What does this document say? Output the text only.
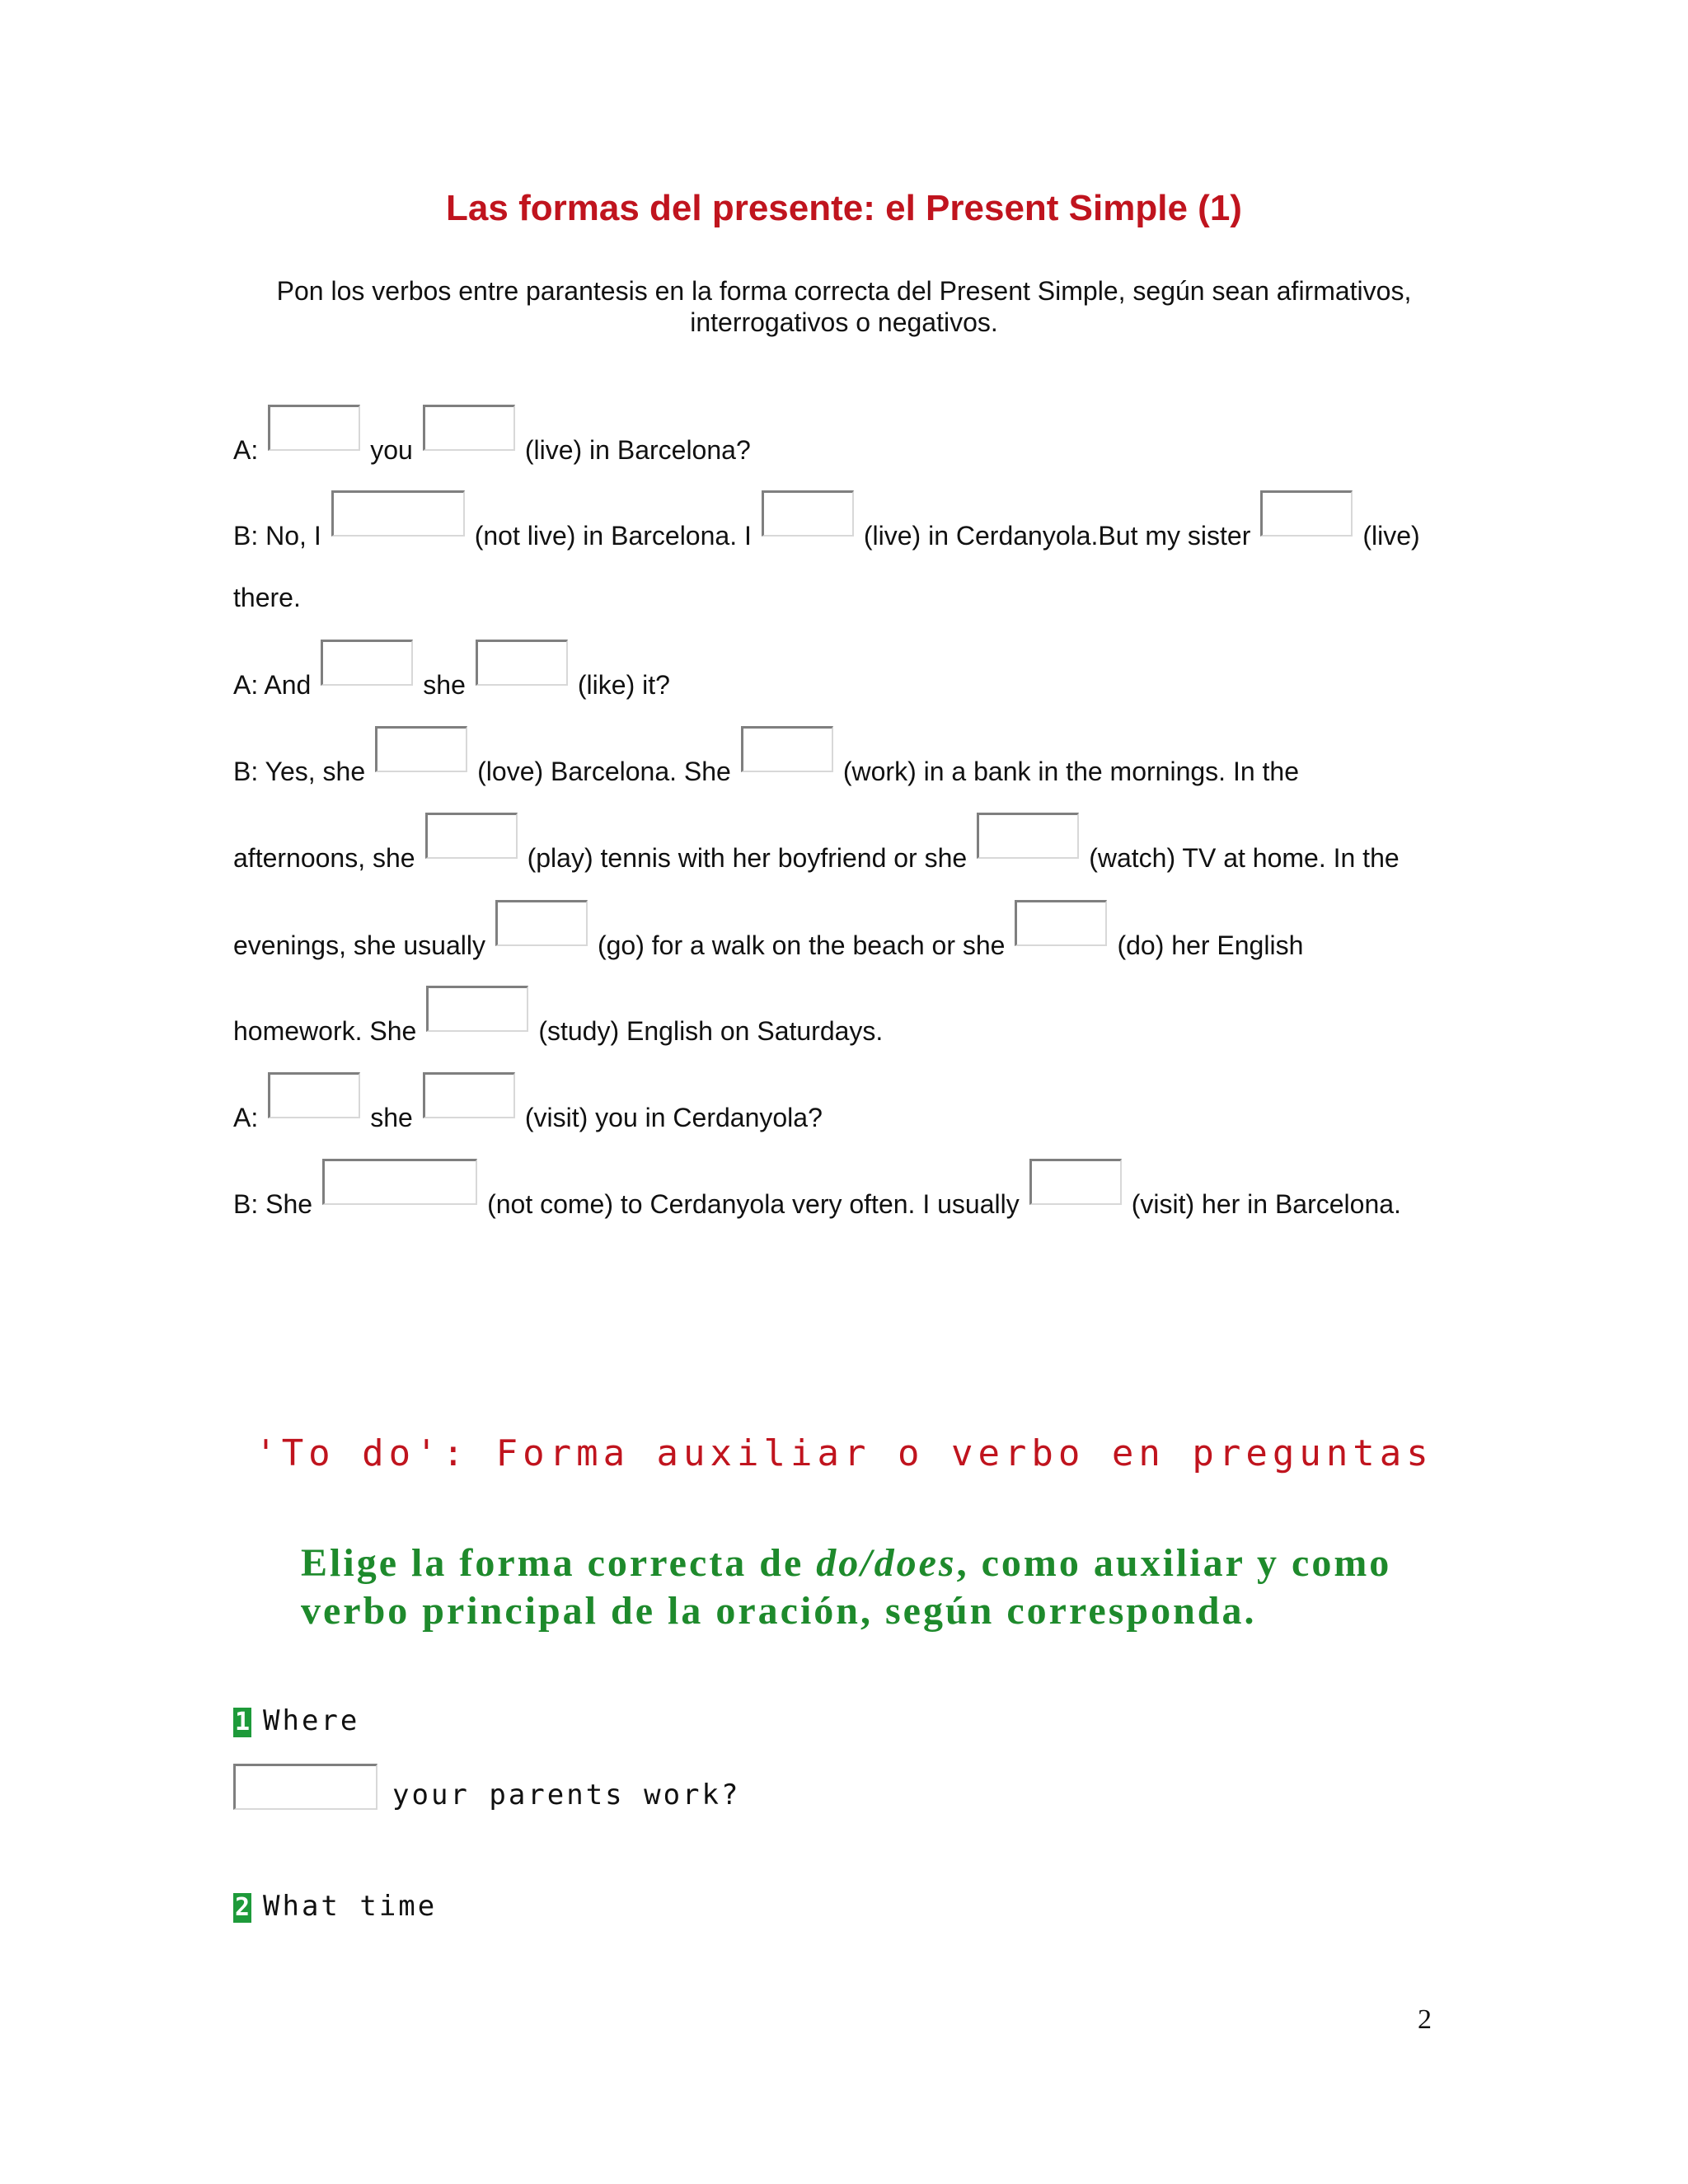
Las formas del presente: el Present Simple (1)
Pon los verbos entre parantesis en la forma correcta del Present Simple, según sean afirmativos, interrogativos o negativos.
A:	you	(live) in Barcelona?
B: No, I	(not live) in Barcelona. I	(live) in Cerdanyola.But my sister	(live)
there.
A: And	she	(like) it?
B: Yes, she	(love) Barcelona. She	(work) in a bank in the mornings. In the
afternoons, she	(play) tennis with her boyfriend or she	(watch) TV at home. In the
evenings, she usually	(go) for a walk on the beach or she	(do) her English
homework. She	(study) English on Saturdays.
A:	she	(visit) you in Cerdanyola?
B: She	(not come) to Cerdanyola very often. I usually	(visit) her in Barcelona.
'To do': Forma auxiliar o verbo en preguntas
Elige la forma correcta de do/does, como auxiliar y como verbo principal de la oración, según corresponda.
1 Where
your parents work?
2 What time
2
